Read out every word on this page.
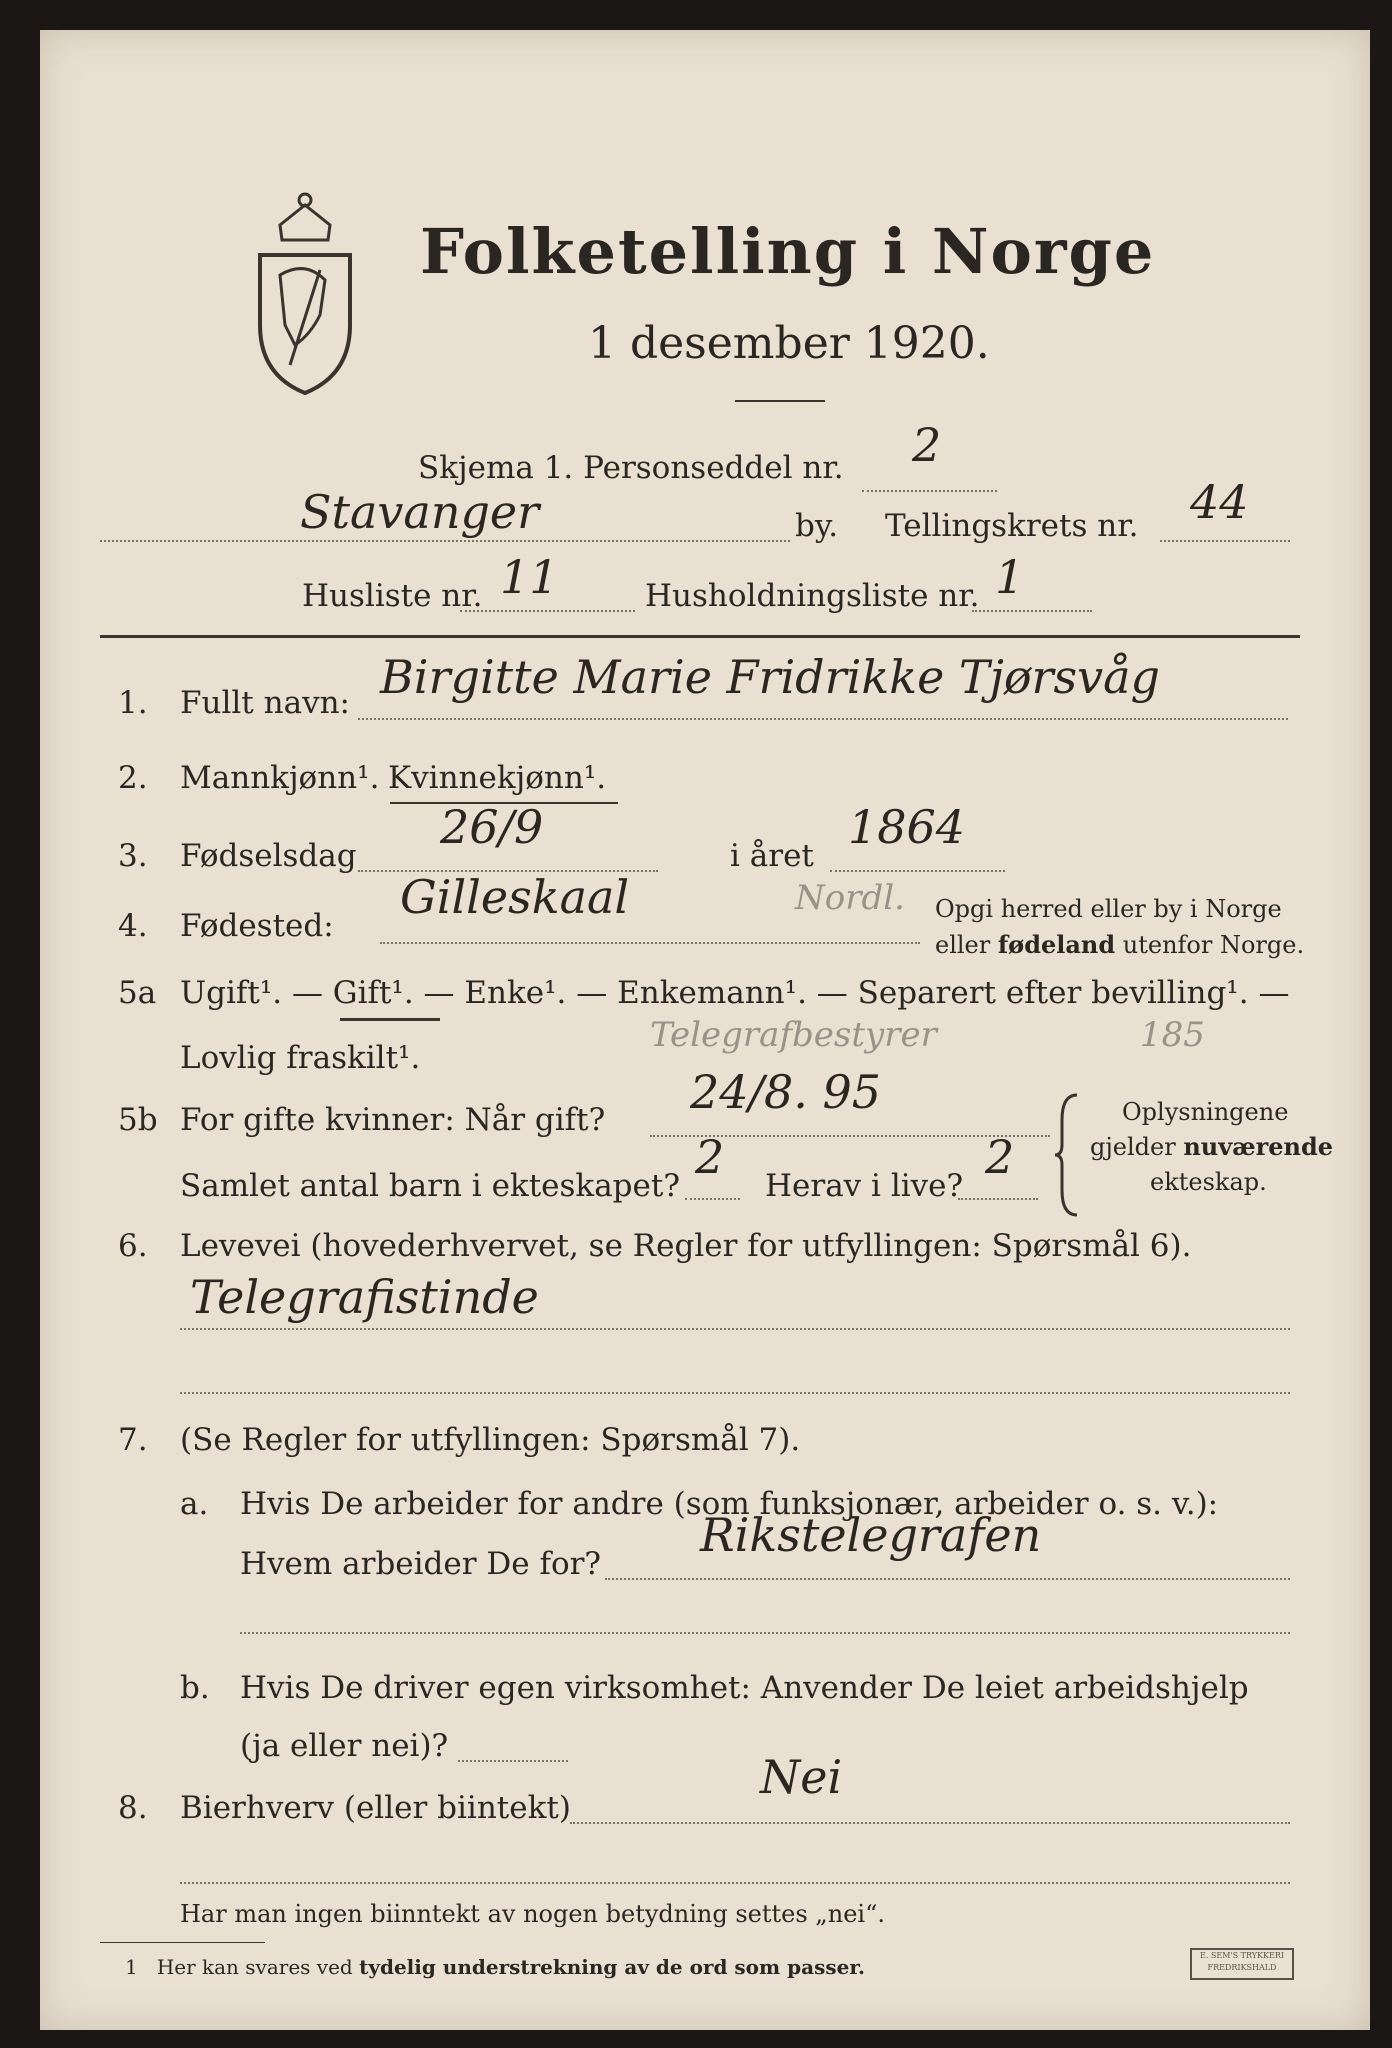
Folketelling i Norge
1 desember 1920.
Skjema 1. Personseddel nr. 2
Stavanger	by. Tellingskrets nr. 44
Husliste nr. 11	Husholdningsliste nr. 1
1. Fullt navn: Birgitte Marie Fridrikke Tjørsvåg
2. Mannkjønn¹. Kvinnekjønn¹.
3. Fødselsdag
26/9
i året
1864
4. Fødested:
Gilleskaal	Nordl. Opgi herred eller by i Norge
eller fødeland utenfor Norge.
5a Ugift¹. — Gift¹. — Enke¹. — Enkemann¹. — Separert efter bevilling¹. —
Lovlig fraskilt¹.
Telegrafbestyrer	185
5b For gifte kvinner: Når gift?
24/8. 95
Samlet antal barn i ekteskapet?
2
Herav i live?
2
Oplysningene
gjelder nuværende
ekteskap.
6. Levevei (hovederhvervet, se Regler for utfyllingen: Spørsmål 6).
Telegrafistinde
7. (Se Regler for utfyllingen: Spørsmål 7).
a. Hvis De arbeider for andre (som funksjonær, arbeider o. s. v.):
Hvem arbeider De for?
Rikstelegrafen
b. Hvis De driver egen virksomhet: Anvender De leiet arbeidshjelp
(ja eller nei)?
8. Bierhverv (eller biintekt)
Nei
Har man ingen biinntekt av nogen betydning settes „nei“.
1 Her kan svares ved tydelig understrekning av de ord som passer.	E. SEM'S TRYKKERI FREDRIKSHALD
